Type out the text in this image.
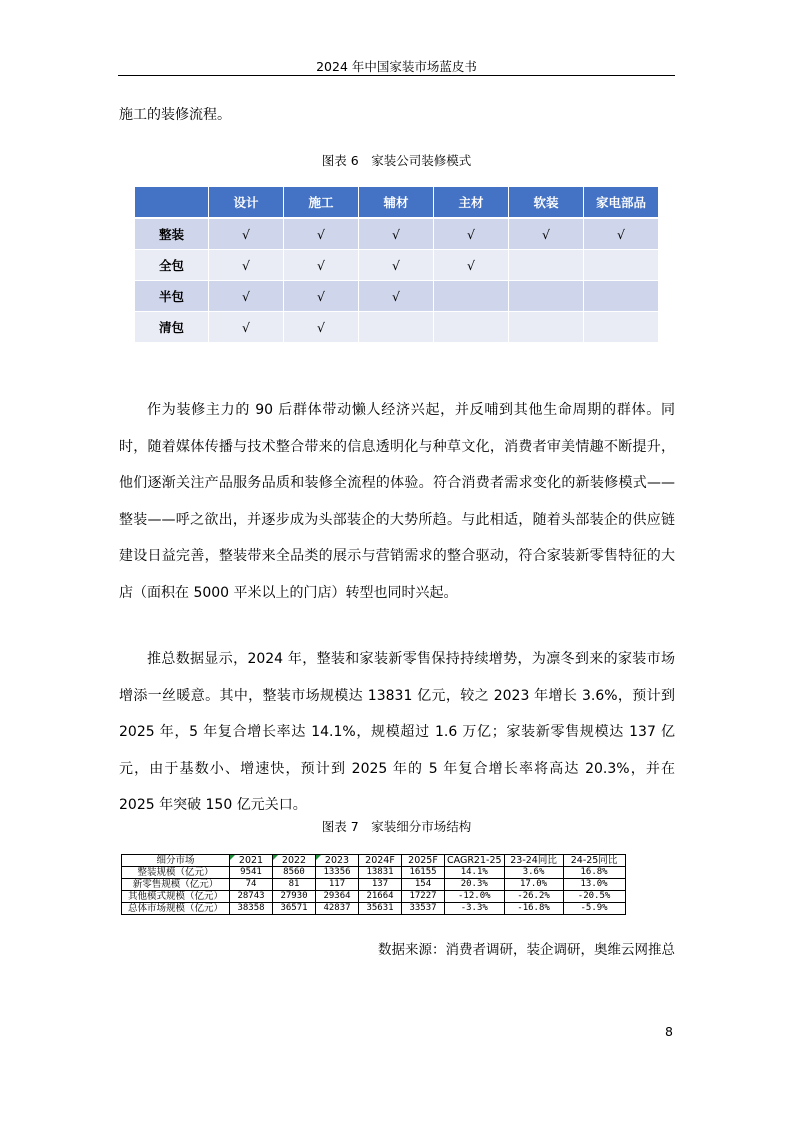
2024 年中国家装市场蓝皮书

施工的装修流程。

图表 6　家装公司装修模式
	设计	施工	辅材	主材	软装	家电部品
整装	√	√	√	√	√	√
全包	√	√	√	√		
半包	√	√	√			
清包	√	√				

作为装修主力的 90 后群体带动懒人经济兴起，并反哺到其他生命周期的群体。同时，随着媒体传播与技术整合带来的信息透明化与种草文化，消费者审美情趣不断提升，他们逐渐关注产品服务品质和装修全流程的体验。符合消费者需求变化的新装修模式——整装——呼之欲出，并逐步成为头部装企的大势所趋。与此相适，随着头部装企的供应链建设日益完善，整装带来全品类的展示与营销需求的整合驱动，符合家装新零售特征的大店（面积在 5000 平米以上的门店）转型也同时兴起。

推总数据显示，2024 年，整装和家装新零售保持持续增势，为凛冬到来的家装市场增添一丝暖意。其中，整装市场规模达 13831 亿元，较之 2023 年增长 3.6%，预计到 2025 年，5 年复合增长率达 14.1%，规模超过 1.6 万亿；家装新零售规模达 137 亿元，由于基数小、增速快，预计到 2025 年的 5 年复合增长率将高达 20.3%，并在 2025 年突破 150 亿元关口。

图表 7　家装细分市场结构
细分市场	2021	2022	2023	2024F	2025F	CAGR21-25	23-24同比	24-25同比
整装规模（亿元）	9541	8560	13356	13831	16155	14.1%	3.6%	16.8%
新零售规模（亿元）	74	81	117	137	154	20.3%	17.0%	13.0%
其他模式规模（亿元）	28743	27930	29364	21664	17227	-12.0%	-26.2%	-20.5%
总体市场规模（亿元）	38358	36571	42837	35631	33537	-3.3%	-16.8%	-5.9%
数据来源：消费者调研，装企调研，奥维云网推总
8
